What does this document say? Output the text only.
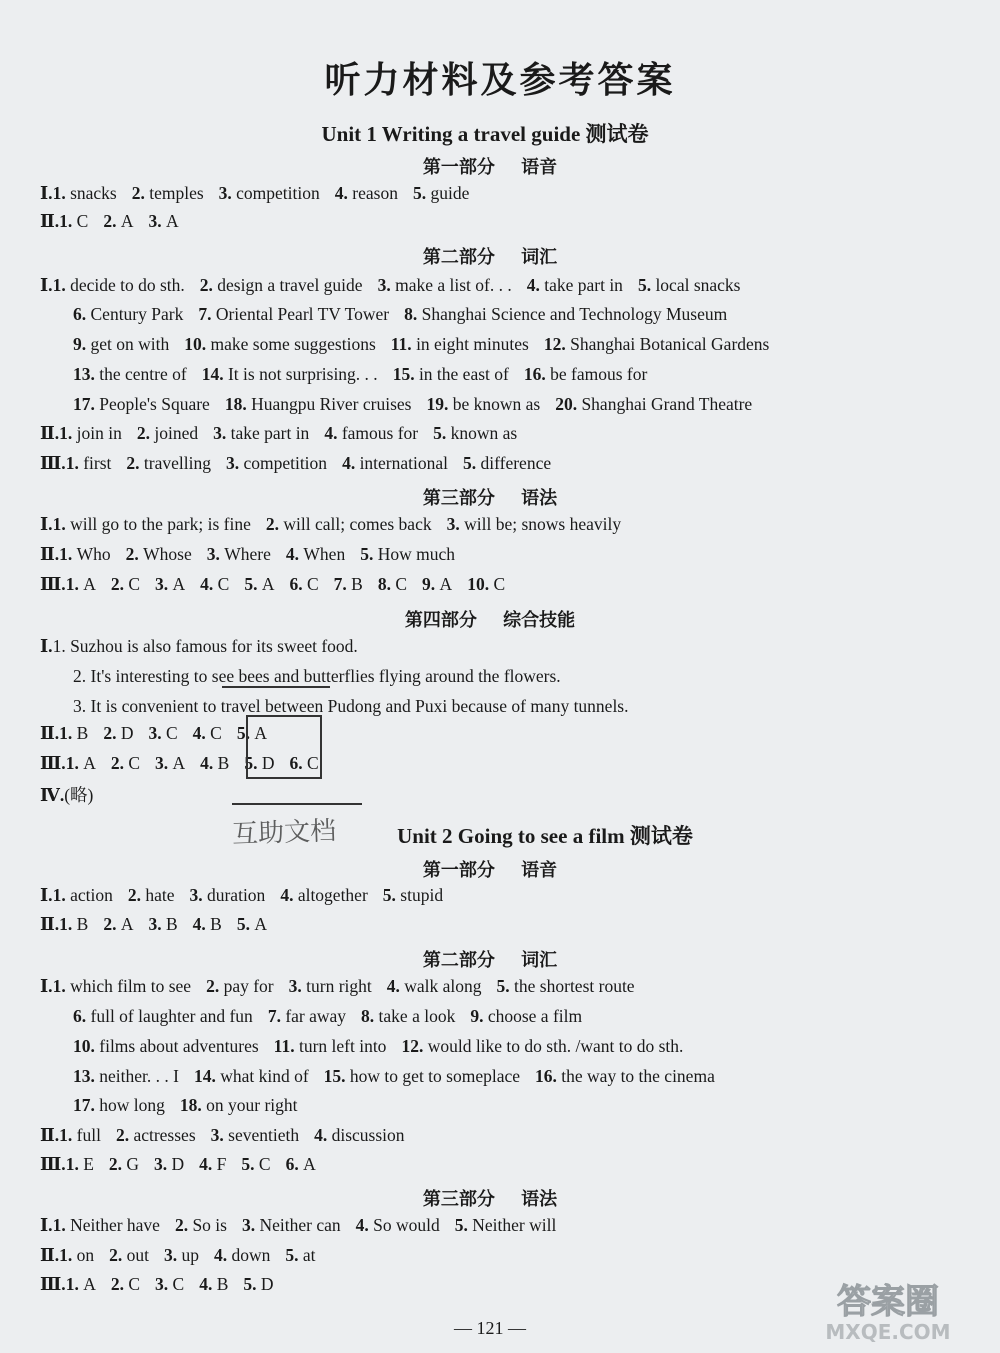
听力材料及参考答案
Unit 1 Writing a travel guide 测试卷
第一部分 语音
Ⅰ.1. snacks 2. temples 3. competition 4. reason 5. guide
Ⅱ.1. C 2. A 3. A
第二部分 词汇
Ⅰ.1. decide to do sth. 2. design a travel guide 3. make a list of. . . 4. take part in 5. local snacks
6. Century Park 7. Oriental Pearl TV Tower 8. Shanghai Science and Technology Museum
9. get on with 10. make some suggestions 11. in eight minutes 12. Shanghai Botanical Gardens
13. the centre of 14. It is not surprising. . . 15. in the east of 16. be famous for
17. People's Square 18. Huangpu River cruises 19. be known as 20. Shanghai Grand Theatre
Ⅱ.1. join in 2. joined 3. take part in 4. famous for 5. known as
Ⅲ.1. first 2. travelling 3. competition 4. international 5. difference
第三部分 语法
Ⅰ.1. will go to the park; is fine 2. will call; comes back 3. will be; snows heavily
Ⅱ.1. Who 2. Whose 3. Where 4. When 5. How much
Ⅲ.1. A 2. C 3. A 4. C 5. A 6. C 7. B 8. C 9. A 10. C
第四部分 综合技能
Ⅰ.1. Suzhou is also famous for its sweet food.
2. It's interesting to see bees and butterflies flying around the flowers.
3. It is convenient to travel between Pudong and Puxi because of many tunnels.
Ⅱ.1. B 2. D 3. C 4. C 5. A
Ⅲ.1. A 2. C 3. A 4. B 5. D 6. C
Ⅳ.(略)
互助文档	Unit 2 Going to see a film 测试卷
第一部分 语音
Ⅰ.1. action 2. hate 3. duration 4. altogether 5. stupid
Ⅱ.1. B 2. A 3. B 4. B 5. A
第二部分 词汇
Ⅰ.1. which film to see 2. pay for 3. turn right 4. walk along 5. the shortest route
6. full of laughter and fun 7. far away 8. take a look 9. choose a film
10. films about adventures 11. turn left into 12. would like to do sth. /want to do sth.
13. neither. . . I 14. what kind of 15. how to get to someplace 16. the way to the cinema
17. how long 18. on your right
Ⅱ.1. full 2. actresses 3. seventieth 4. discussion
Ⅲ.1. E 2. G 3. D 4. F 5. C 6. A
第三部分 语法
Ⅰ.1. Neither have 2. So is 3. Neither can 4. So would 5. Neither will
Ⅱ.1. on 2. out 3. up 4. down 5. at
Ⅲ.1. A 2. C 3. C 4. B 5. D
— 121 —
答案圈
MXQE.COM
